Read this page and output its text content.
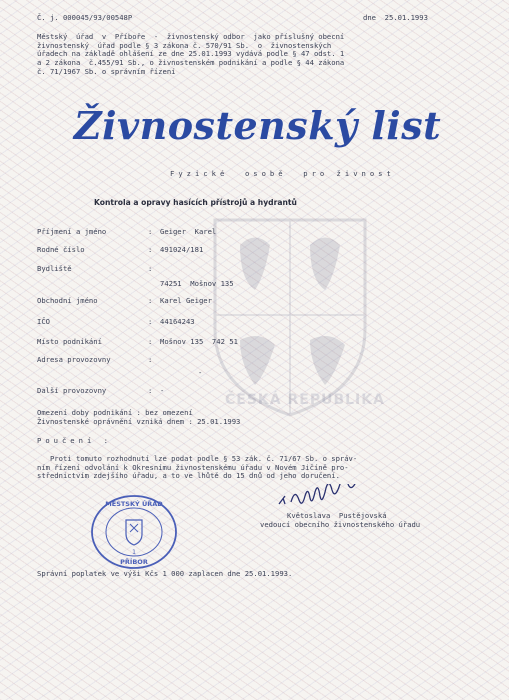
ČESKÁ REPUBLIKA
Č. j. 000045/93/00548P	dne  25.01.1993
Městský  úřad  v  Příboře  -  živnostenský odbor  jako příslušný obecní
živnostenský  úřad podle § 3 zákona č. 570/91 Sb.  o  živnostenských
úřadech na základě ohlášení ze dne 25.01.1993 vydává podle § 47 odst. 1
a 2 zákona  č.455/91 Sb., o živnostenském podnikání a podle § 44 zákona
č. 71/1967 Sb. o správním řízení
Živnostenský list
Fyzické  osobě  pro živnost
Kontrola a opravy hasících přístrojů a hydrantů
Příjmení a jméno	: Geiger  Karel
Rodné číslo	: 491024/181
Bydliště	:
74251  Mošnov 135
Obchodní jméno	: Karel Geiger
IČO	: 44164243
Místo podnikání	: Mošnov 135  742 51
Adresa provozovny	:
-
Další provozovny	: -
Omezení doby podnikání : bez omezení
Živnostenské oprávnění vzniká dnem : 25.01.1993
Poučení :
Proti tomuto rozhodnutí lze podat podle § 53 zák. č. 71/67 Sb. o správ-
ním řízení odvolání k Okresnímu živnostenskému úřadu v Novém Jičíně pro-
střednictvím zdejšího úřadu, a to ve lhůtě do 15 dnů od jeho doručení.
MĚSTSKÝ ÚŘAD
PŘÍBOR
1
Květoslava  Pustějovská
vedoucí obecního živnostenského úřadu
Správní poplatek ve výši Kčs 1 000 zaplacen dne 25.01.1993.
